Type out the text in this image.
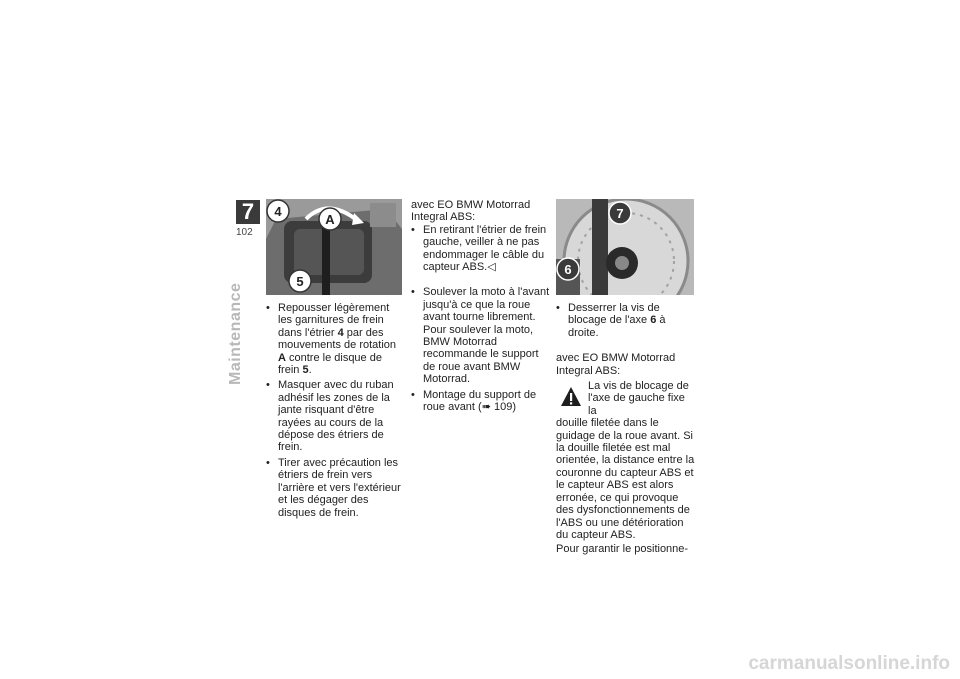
7
102
Maintenance
4
A
5
7
6
• Repousser légèrement les garnitures de frein dans l'étrier 4 par des mouvements de rotation A contre le disque de frein 5.
• Masquer avec du ruban adhésif les zones de la jante risquant d'être rayées au cours de la dépose des étriers de frein.
• Tirer avec précaution les étriers de frein vers l'arrière et vers l'extérieur et les dégager des disques de frein.

avec EO BMW Motorrad Integral ABS:

• En retirant l'étrier de frein gauche, veiller à ne pas endommager le câble du capteur ABS.◁
• Soulever la moto à l'avant jusqu'à ce que la roue avant tourne librement. Pour soulever la moto, BMW Motorrad recommande le support de roue avant BMW Motorrad.
• Montage du support de roue avant (➠ 109)
• Desserrer la vis de blocage de l'axe 6 à droite.

avec EO BMW Motorrad Integral ABS:

La vis de blocage de l'axe de gauche fixe la

douille filetée dans le guidage de la roue avant. Si la douille filetée est mal orientée, la distance entre la couronne du capteur ABS et le capteur ABS est alors erronée, ce qui provoque des dysfonctionnements de l'ABS ou une détérioration du capteur ABS.

Pour garantir le positionne-

carmanualsonline.info
